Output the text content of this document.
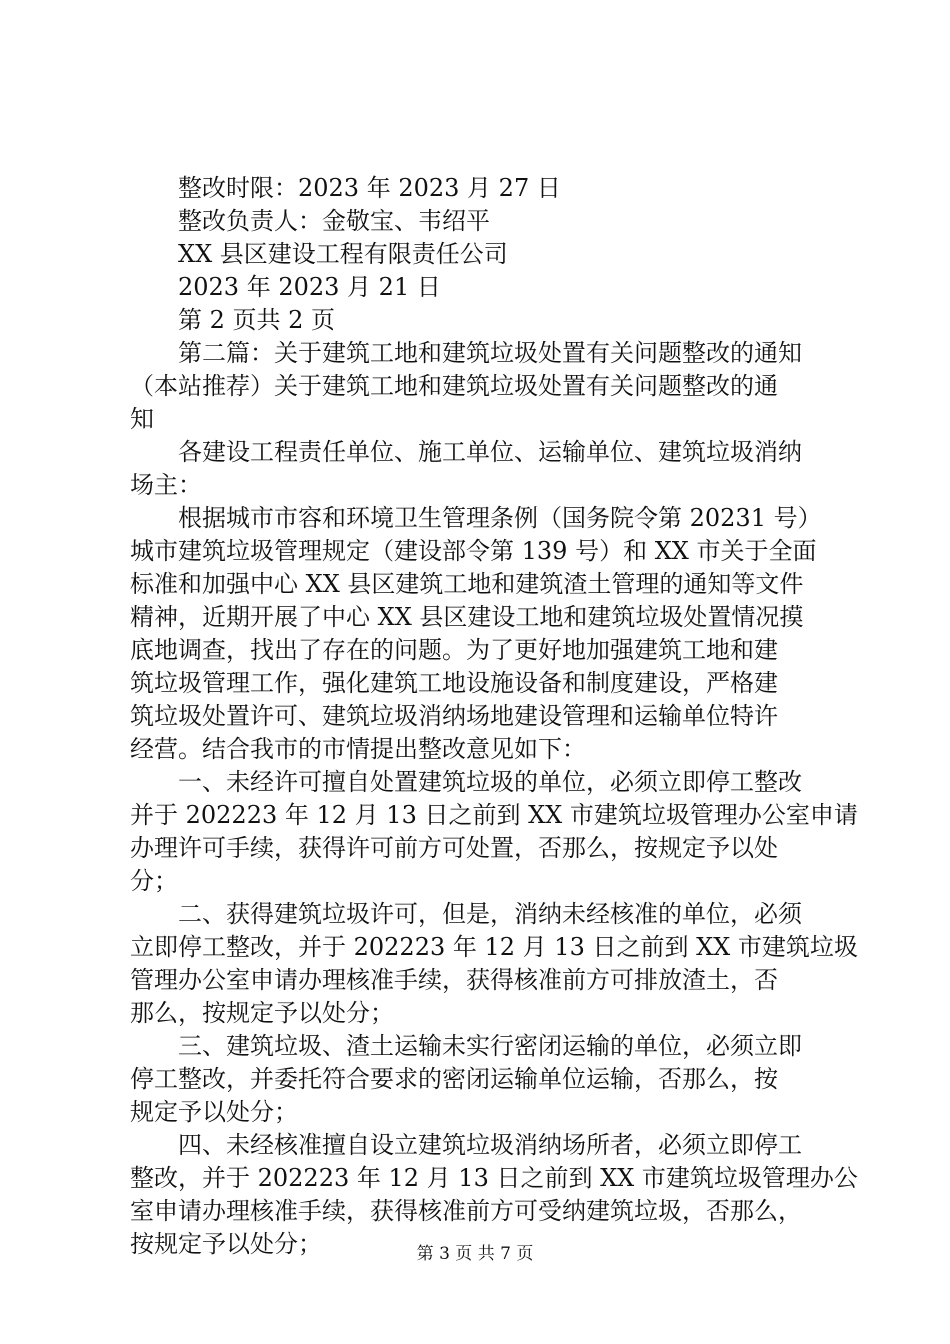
整改时限：2023 年 2023 月 27 日
整改负责人：金敬宝、韦绍平
XX 县区建设工程有限责任公司
2023 年 2023 月 21 日
第 2 页共 2 页
第二篇：关于建筑工地和建筑垃圾处置有关问题整改的通知
（本站推荐）关于建筑工地和建筑垃圾处置有关问题整改的通
知
各建设工程责任单位、施工单位、运输单位、建筑垃圾消纳
场主：
根据城市市容和环境卫生管理条例（国务院令第 20231 号）
城市建筑垃圾管理规定（建设部令第 139 号）和 XX 市关于全面
标准和加强中心 XX 县区建筑工地和建筑渣土管理的通知等文件
精神，近期开展了中心 XX 县区建设工地和建筑垃圾处置情况摸
底地调查，找出了存在的问题。为了更好地加强建筑工地和建
筑垃圾管理工作，强化建筑工地设施设备和制度建设，严格建
筑垃圾处置许可、建筑垃圾消纳场地建设管理和运输单位特许
经营。结合我市的市情提出整改意见如下：
一、未经许可擅自处置建筑垃圾的单位，必须立即停工整改
并于 202223 年 12 月 13 日之前到 XX 市建筑垃圾管理办公室申请
办理许可手续，获得许可前方可处置，否那么，按规定予以处
分；
二、获得建筑垃圾许可，但是，消纳未经核准的单位，必须
立即停工整改，并于 202223 年 12 月 13 日之前到 XX 市建筑垃圾
管理办公室申请办理核准手续，获得核准前方可排放渣土，否
那么，按规定予以处分；
三、建筑垃圾、渣土运输未实行密闭运输的单位，必须立即
停工整改，并委托符合要求的密闭运输单位运输，否那么，按
规定予以处分；
四、未经核准擅自设立建筑垃圾消纳场所者，必须立即停工
整改，并于 202223 年 12 月 13 日之前到 XX 市建筑垃圾管理办公
室申请办理核准手续，获得核准前方可受纳建筑垃圾，否那么，
按规定予以处分；	第 3 页 共 7 页
